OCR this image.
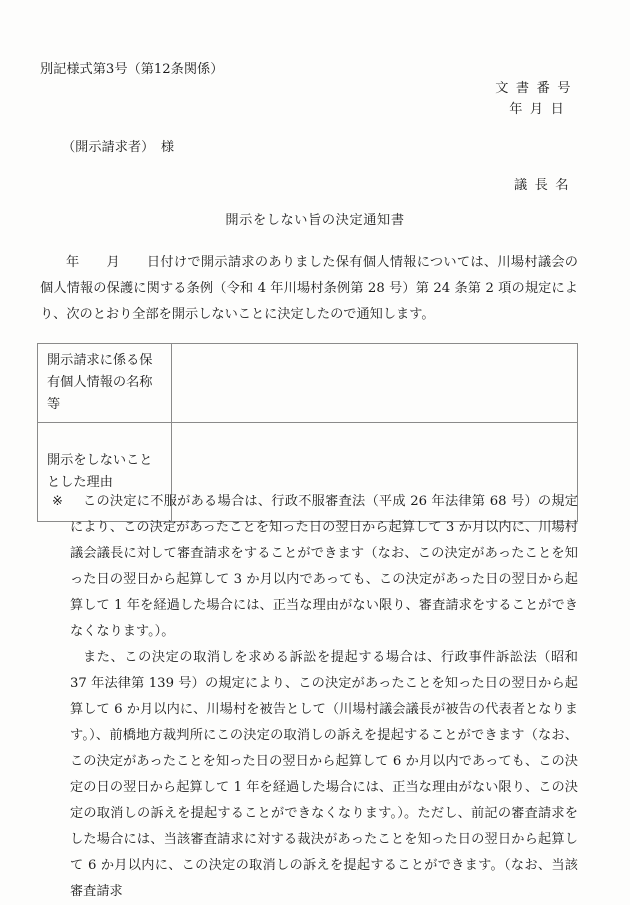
別記様式第3号（第12条関係）
文書番号
年月日
（開示請求者）　様
議長名
開示をしない旨の決定通知書
年　　月　　日付けで開示請求のありました保有個人情報については、川場村議会の個人情報の保護に関する条例（令和 4 年川場村条例第 28 号）第 24 条第 2 項の規定により、次のとおり全部を開示しないことに決定したので通知します。
開示請求に係る保有個人情報の名称等	
開示をしないこととした理由	
※	この決定に不服がある場合は、行政不服審査法（平成 26 年法律第 68 号）の規定により、この決定があったことを知った日の翌日から起算して 3 か月以内に、川場村議会議長に対して審査請求をすることができます（なお、この決定があったことを知った日の翌日から起算して 3 か月以内であっても、この決定があった日の翌日から起算して 1 年を経過した場合には、正当な理由がない限り、審査請求をすることができなくなります。）。
また、この決定の取消しを求める訴訟を提起する場合は、行政事件訴訟法（昭和 37 年法律第 139 号）の規定により、この決定があったことを知った日の翌日から起算して 6 か月以内に、川場村を被告として（川場村議会議長が被告の代表者となります。）、前橋地方裁判所にこの決定の取消しの訴えを提起することができます（なお、この決定があったことを知った日の翌日から起算して 6 か月以内であっても、この決定の日の翌日から起算して 1 年を経過した場合には、正当な理由がない限り、この決定の取消しの訴えを提起することができなくなります。）。ただし、前記の審査請求をした場合には、当該審査請求に対する裁決があったことを知った日の翌日から起算して 6 か月以内に、この決定の取消しの訴えを提起することができます。（なお、当該審査請求
